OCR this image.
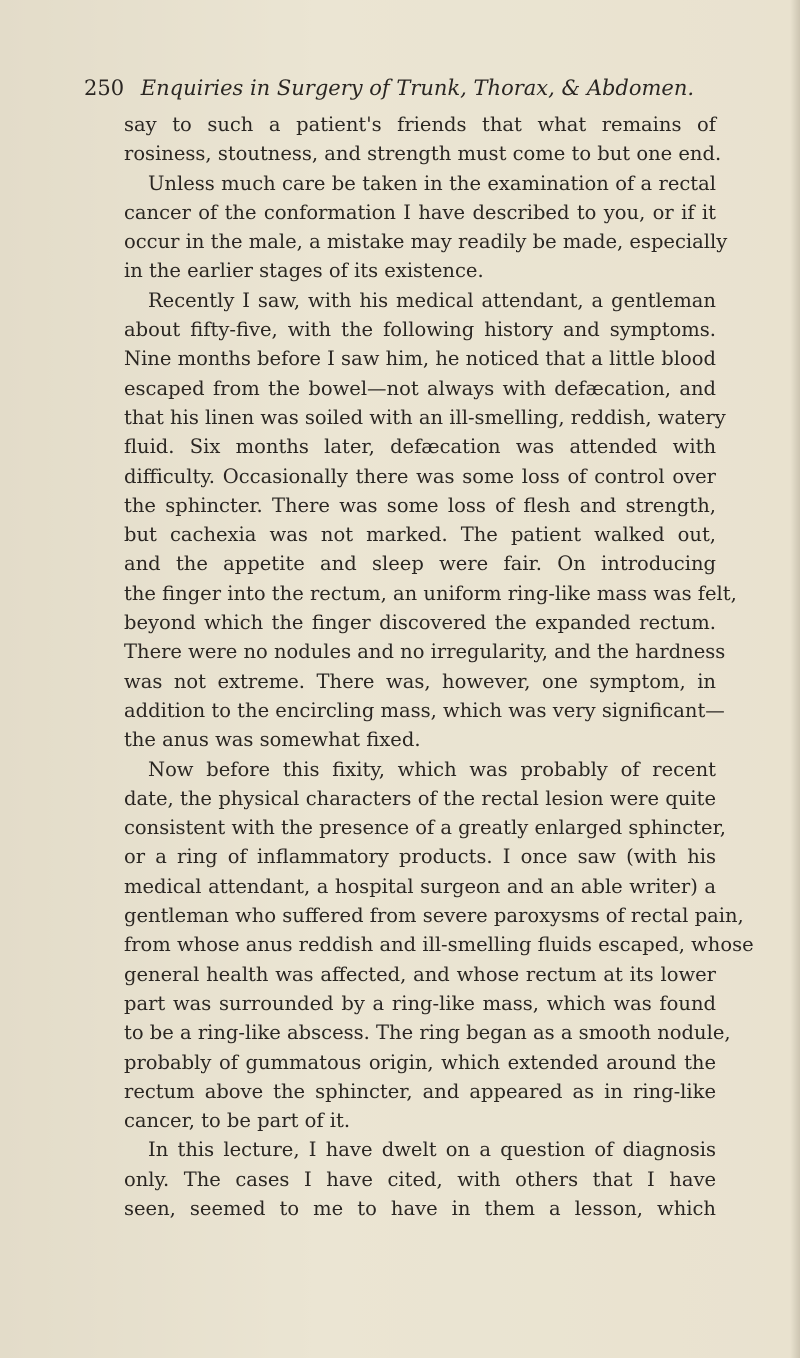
250 Enquiries in Surgery of Trunk, Thorax, & Abdomen.
say to such a patient's friends that what remains of
rosiness, stoutness, and strength must come to but one end.
Unless much care be taken in the examination of a rectal
cancer of the conformation I have described to you, or if it
occur in the male, a mistake may readily be made, especially
in the earlier stages of its existence.
Recently I saw, with his medical attendant, a gentleman
about fifty-five, with the following history and symptoms.
Nine months before I saw him, he noticed that a little blood
escaped from the bowel—not always with defæcation, and
that his linen was soiled with an ill-smelling, reddish, watery
fluid. Six months later, defæcation was attended with
difficulty. Occasionally there was some loss of control over
the sphincter. There was some loss of flesh and strength,
but cachexia was not marked. The patient walked out,
and the appetite and sleep were fair. On introducing
the finger into the rectum, an uniform ring-like mass was felt,
beyond which the finger discovered the expanded rectum.
There were no nodules and no irregularity, and the hardness
was not extreme. There was, however, one symptom, in
addition to the encircling mass, which was very significant—
the anus was somewhat fixed.
Now before this fixity, which was probably of recent
date, the physical characters of the rectal lesion were quite
consistent with the presence of a greatly enlarged sphincter,
or a ring of inflammatory products. I once saw (with his
medical attendant, a hospital surgeon and an able writer) a
gentleman who suffered from severe paroxysms of rectal pain,
from whose anus reddish and ill-smelling fluids escaped, whose
general health was affected, and whose rectum at its lower
part was surrounded by a ring-like mass, which was found
to be a ring-like abscess. The ring began as a smooth nodule,
probably of gummatous origin, which extended around the
rectum above the sphincter, and appeared as in ring-like
cancer, to be part of it.
In this lecture, I have dwelt on a question of diagnosis
only. The cases I have cited, with others that I have
seen, seemed to me to have in them a lesson, which
